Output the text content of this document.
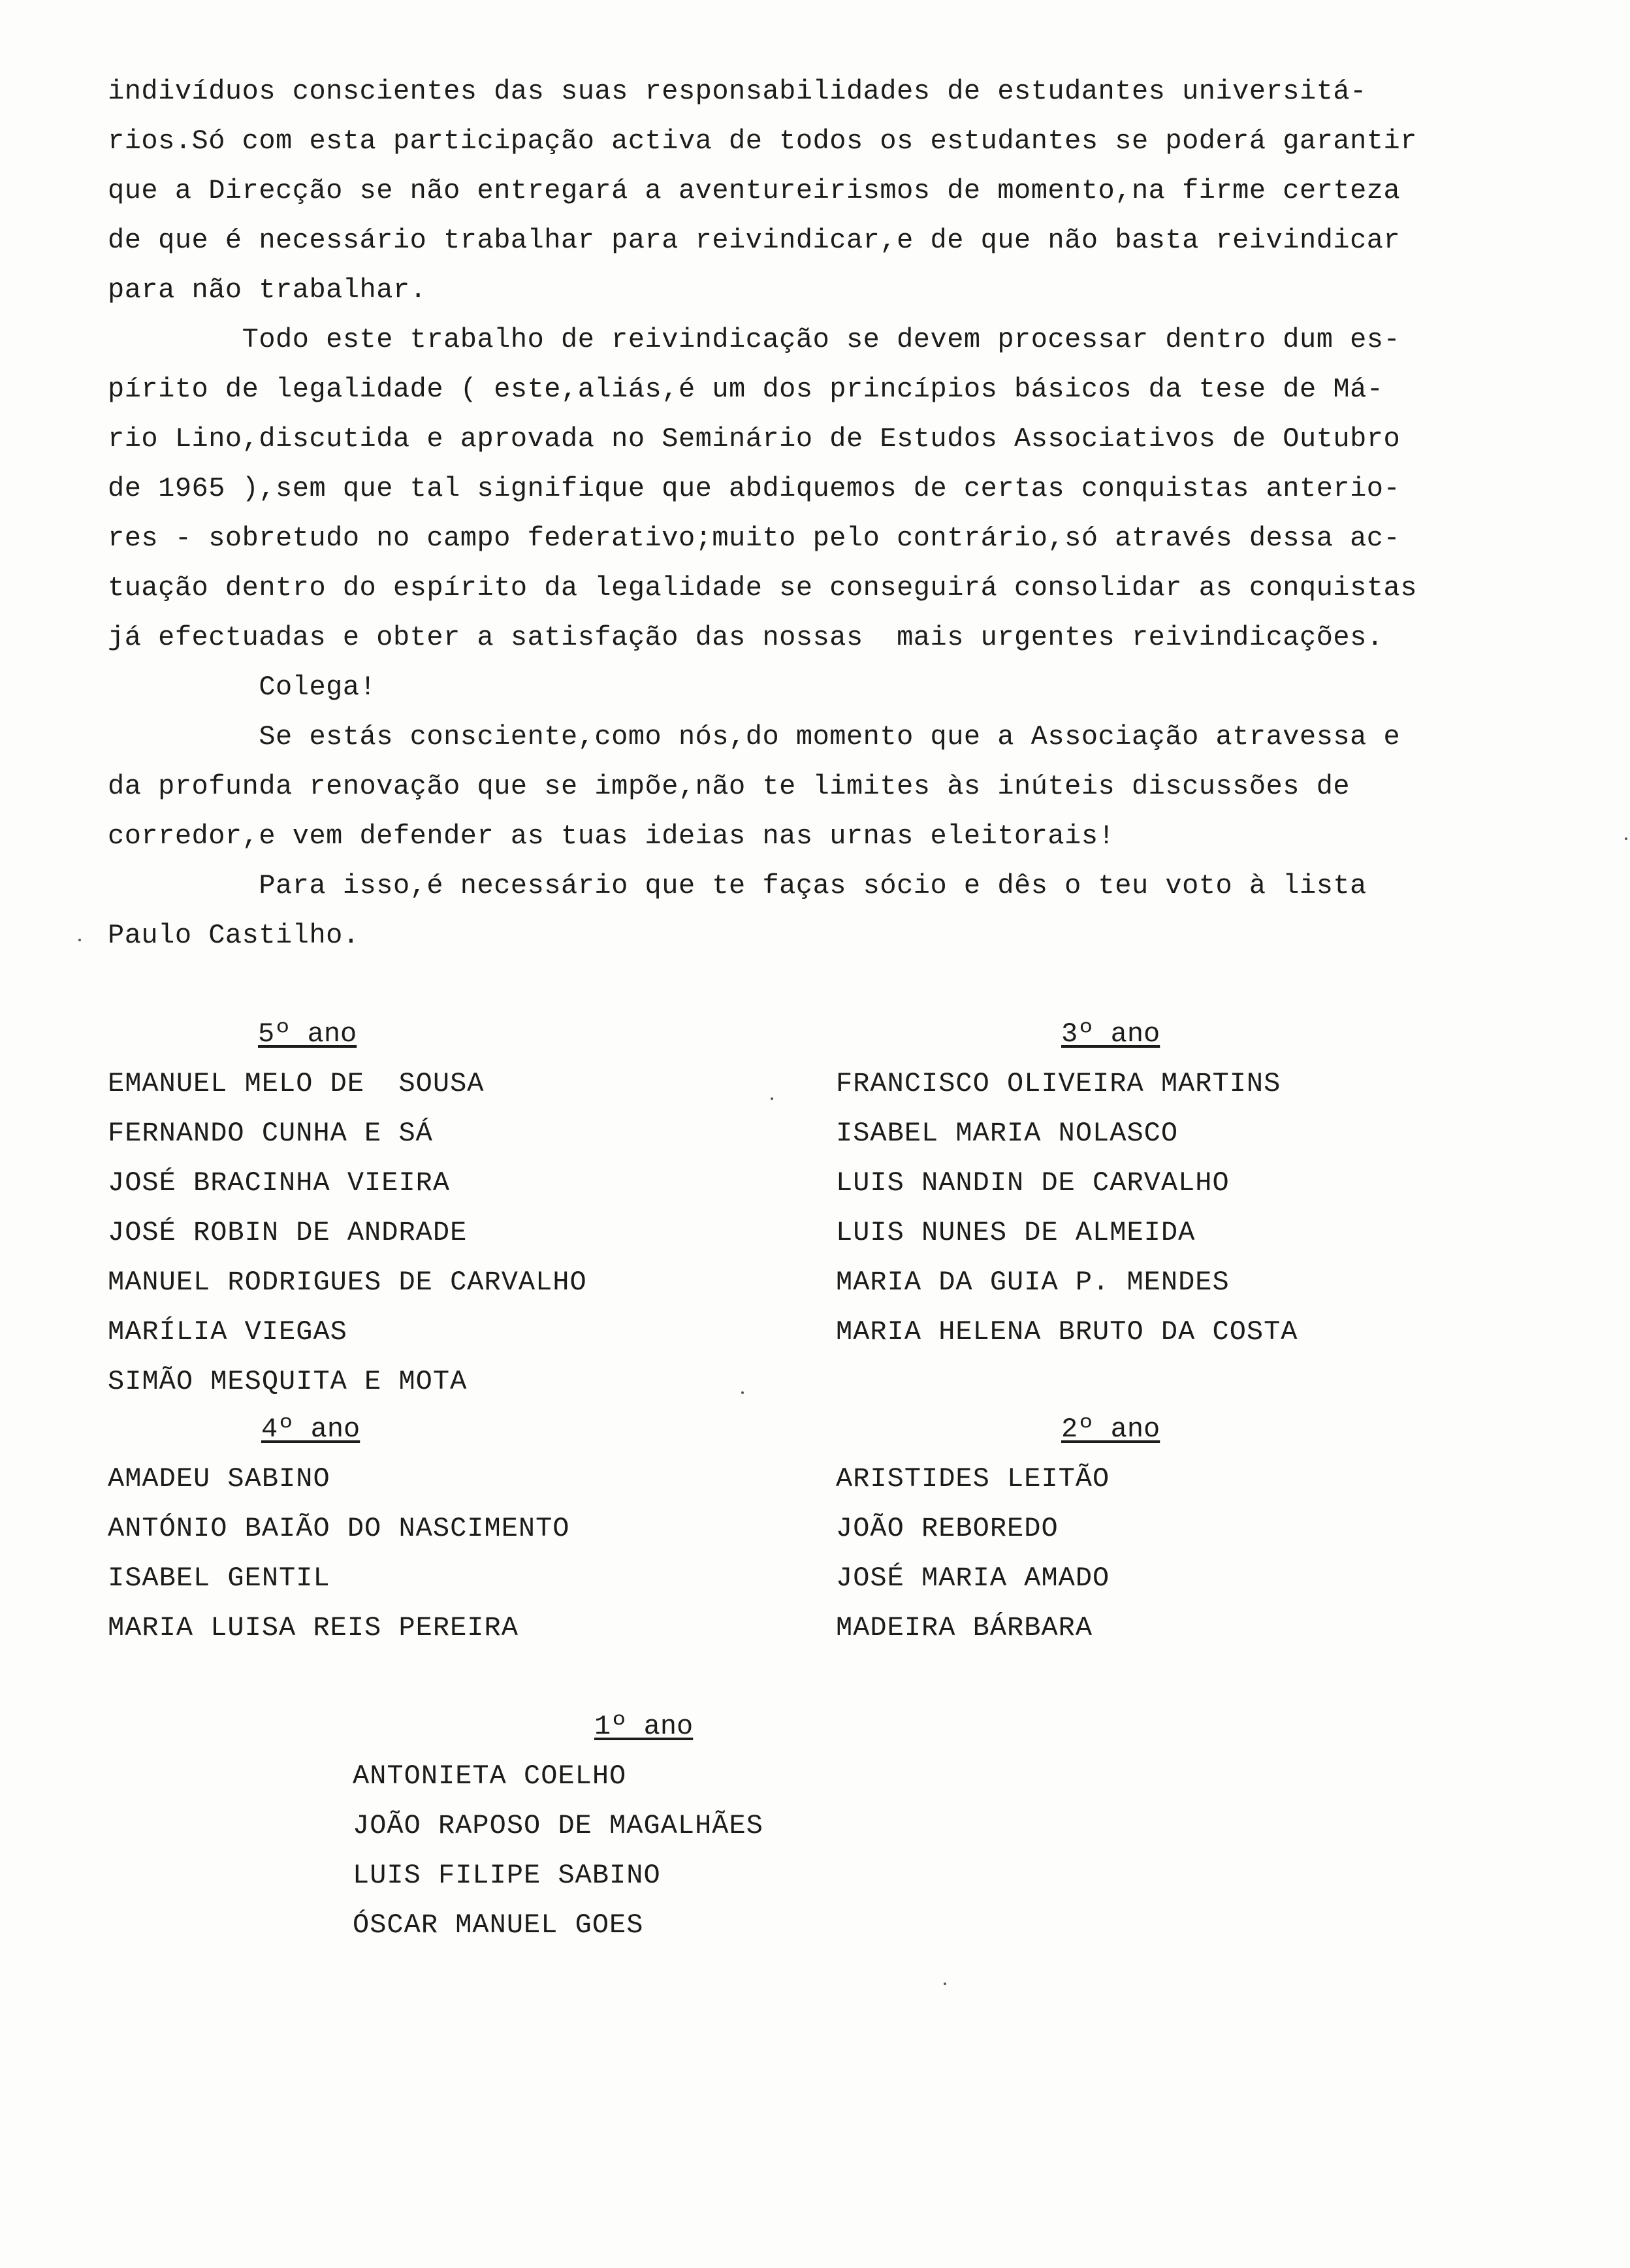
indivíduos conscientes das suas responsabilidades de estudantes universitá-
rios.Só com esta participação activa de todos os estudantes se poderá garantir
que a Direcção se não entregará a aventureirismos de momento,na firme certeza
de que é necessário trabalhar para reivindicar,e de que não basta reivindicar
para não trabalhar.
Todo este trabalho de reivindicação se devem processar dentro dum es-
pírito de legalidade ( este,aliás,é um dos princípios básicos da tese de Má-
rio Lino,discutida e aprovada no Seminário de Estudos Associativos de Outubro
de 1965 ),sem que tal signifique que abdiquemos de certas conquistas anterio-
res - sobretudo no campo federativo;muito pelo contrário,só através dessa ac-
tuação dentro do espírito da legalidade se conseguirá consolidar as conquistas
já efectuadas e obter a satisfação das nossas  mais urgentes reivindicações.
Colega!
Se estás consciente,como nós,do momento que a Associação atravessa e
da profunda renovação que se impõe,não te limites às inúteis discussões de
corredor,e vem defender as tuas ideias nas urnas eleitorais!
Para isso,é necessário que te faças sócio e dês o teu voto à lista
Paulo Castilho.
5º ano
EMANUEL MELO DE  SOUSA
FERNANDO CUNHA E SÁ
JOSÉ BRACINHA VIEIRA
JOSÉ ROBIN DE ANDRADE
MANUEL RODRIGUES DE CARVALHO
MARÍLIA VIEGAS
SIMÃO MESQUITA E MOTA
4º ano
AMADEU SABINO
ANTÓNIO BAIÃO DO NASCIMENTO
ISABEL GENTIL
MARIA LUISA REIS PEREIRA
3º ano
FRANCISCO OLIVEIRA MARTINS
ISABEL MARIA NOLASCO
LUIS NANDIN DE CARVALHO
LUIS NUNES DE ALMEIDA
MARIA DA GUIA P. MENDES
MARIA HELENA BRUTO DA COSTA
2º ano
ARISTIDES LEITÃO
JOÃO REBOREDO
JOSÉ MARIA AMADO
MADEIRA BÁRBARA
1º ano
ANTONIETA COELHO
JOÃO RAPOSO DE MAGALHÃES
LUIS FILIPE SABINO
ÓSCAR MANUEL GOES
